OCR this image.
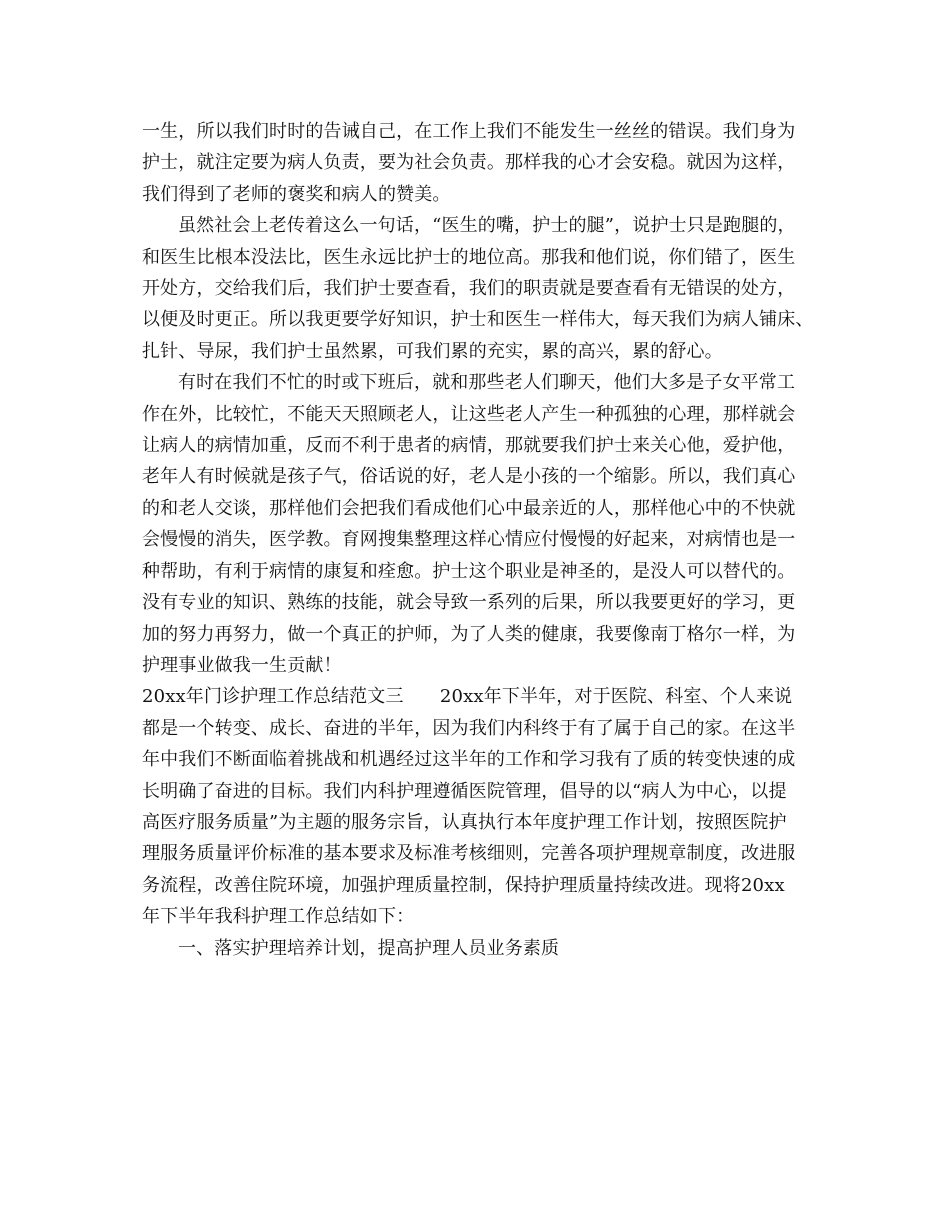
一生，所以我们时时的告诫自己，在工作上我们不能发生一丝丝的错误。我们身为
护士，就注定要为病人负责，要为社会负责。那样我的心才会安稳。就因为这样，
我们得到了老师的褒奖和病人的赞美。
虽然社会上老传着这么一句话，“医生的嘴，护士的腿”，说护士只是跑腿的，
和医生比根本没法比，医生永远比护士的地位高。那我和他们说，你们错了，医生
开处方，交给我们后，我们护士要查看，我们的职责就是要查看有无错误的处方，
以便及时更正。所以我更要学好知识，护士和医生一样伟大，每天我们为病人铺床、
扎针、导尿，我们护士虽然累，可我们累的充实，累的高兴，累的舒心。
有时在我们不忙的时或下班后，就和那些老人们聊天，他们大多是子女平常工
作在外，比较忙，不能天天照顾老人，让这些老人产生一种孤独的心理，那样就会
让病人的病情加重，反而不利于患者的病情，那就要我们护士来关心他，爱护他，
老年人有时候就是孩子气，俗话说的好，老人是小孩的一个缩影。所以，我们真心
的和老人交谈，那样他们会把我们看成他们心中最亲近的人，那样他心中的不快就
会慢慢的消失，医学教。育网搜集整理这样心情应付慢慢的好起来，对病情也是一
种帮助，有利于病情的康复和痊愈。护士这个职业是神圣的，是没人可以替代的。
没有专业的知识、熟练的技能，就会导致一系列的后果，所以我要更好的学习，更
加的努力再努力，做一个真正的护师，为了人类的健康，我要像南丁格尔一样，为
护理事业做我一生贡献！
20xx年门诊护理工作总结范文三　　20xx年下半年，对于医院、科室、个人来说
都是一个转变、成长、奋进的半年，因为我们内科终于有了属于自己的家。在这半
年中我们不断面临着挑战和机遇经过这半年的工作和学习我有了质的转变快速的成
长明确了奋进的目标。我们内科护理遵循医院管理，倡导的以“病人为中心，以提
高医疗服务质量”为主题的服务宗旨，认真执行本年度护理工作计划，按照医院护
理服务质量评价标准的基本要求及标准考核细则，完善各项护理规章制度，改进服
务流程，改善住院环境，加强护理质量控制，保持护理质量持续改进。现将20xx
年下半年我科护理工作总结如下：
一、落实护理培养计划，提高护理人员业务素质
